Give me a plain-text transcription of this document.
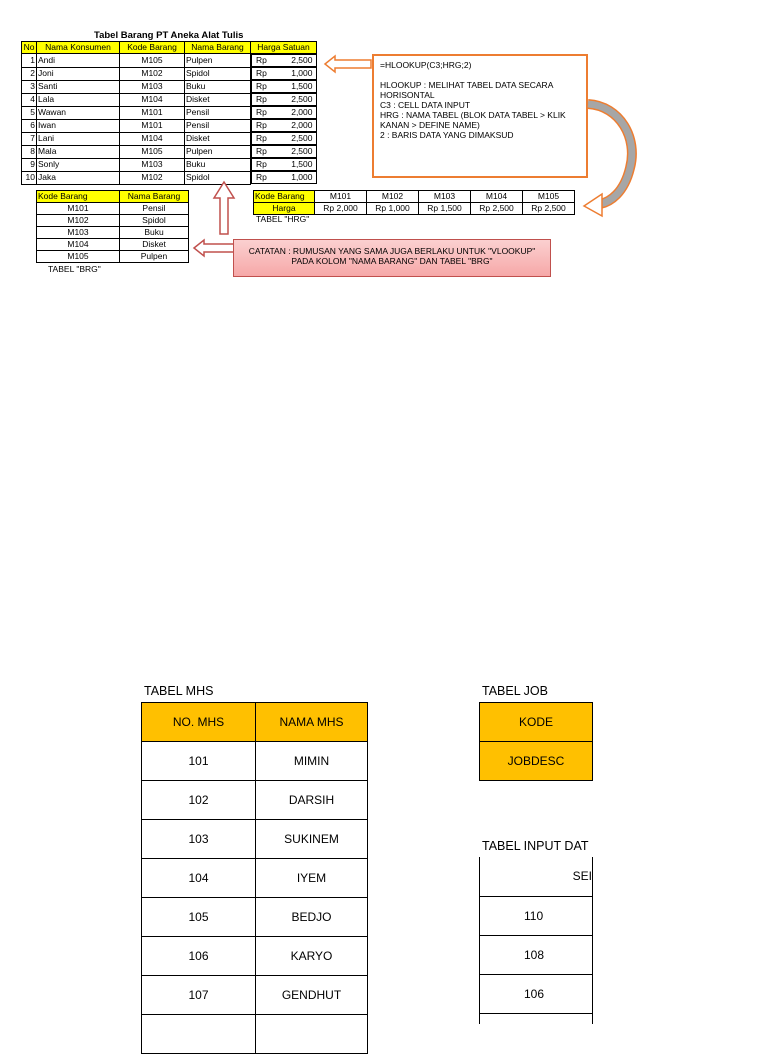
Tabel Barang PT Aneka Alat Tulis
No	Nama Konsumen	Kode Barang	Nama Barang	Harga Satuan
1	Andi	M105	Pulpen		Rp	2,500

2	Joni	M102	Spidol		Rp	1,000

3	Santi	M103	Buku		Rp	1,500

4	Lala	M104	Disket		Rp	2,500

5	Wawan	M101	Pensil		Rp	2,000

6	Iwan	M101	Pensil		Rp	2,000

7	Lani	M104	Disket		Rp	2,500

8	Mala	M105	Pulpen		Rp	2,500

9	Sonly	M103	Buku		Rp	1,500

10	Jaka	M102	Spidol		Rp	1,000
=HLOOKUP(C3;HRG;2)
HLOOKUP : MELIHAT TABEL DATA SECARA HORISONTAL
C3 : CELL DATA INPUT
HRG : NAMA TABEL (BLOK DATA TABEL > KLIK KANAN > DEFINE NAME)
2 : BARIS DATA YANG DIMAKSUD
Kode Barang	M101	M102	M103	M104	M105
Harga	Rp 2,000	Rp 1,000	Rp 1,500	Rp 2,500	Rp 2,500
TABEL "HRG"
Kode Barang	Nama Barang
M101	Pensil
M102	Spidol
M103	Buku
M104	Disket
M105	Pulpen
TABEL "BRG"
CATATAN : RUMUSAN YANG SAMA JUGA BERLAKU UNTUK "VLOOKUP"
PADA KOLOM "NAMA BARANG" DAN TABEL "BRG"
TABEL MHS
NO. MHS	NAMA MHS
101	MIMIN
102	DARSIH
103	SUKINEM
104	IYEM
105	BEDJO
106	KARYO
107	GENDHUT

TABEL JOB
KODE
JOBDESC
TABEL INPUT DAT
SEI
110
108
106
